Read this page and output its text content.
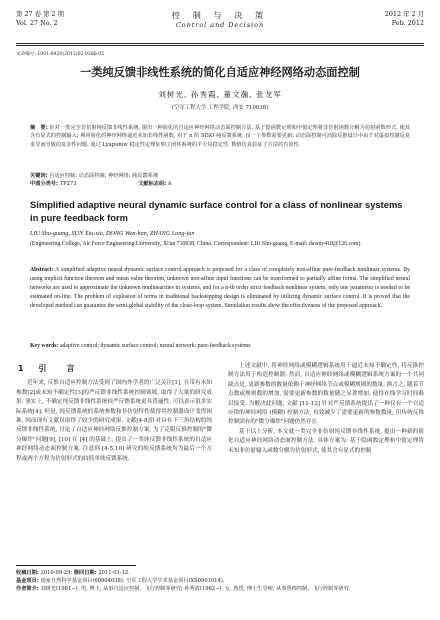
第 27 卷 第 2 期
Vol. 27 No. 2
控 制 与 决 策
Control and Decision
2012 年 2 月
Feb. 2012
文章编号: 1001-0920(2012)02-0266-05
一类纯反馈非线性系统的简化自适应神经网络动态面控制
刘树光, 孙秀霞, 董文瀚, 张龙军
(空军工程大学 工程学院, 西安 710038)
摘　要: 针对一类完全非仿射纯反馈非线性系统, 提出一种简化的自适应神经网络动态面控制方法. 基于隐函数定理和中值定理将非仿射函数分解为仿射函数形式, 使其含有显式的控制输入; 利用简化的神经网络逼近未知非线性函数, 对于 n 阶 SISO 纯反馈系统, 仅一个参数需要更新; 动态面控制可消除反推设计中由于对虚拟控制反复求导而导致的复杂性问题. 通过 Lyapunov 稳定性定理证明了闭环系统的半全局稳定性. 数值仿真验证了方法的有效性.
关键词: 自适应控制; 动态面控制; 神经网络; 纯反馈系统
中图分类号: TP273	文献标志码: A
Simplified adaptive neural dynamic surface control for a class of nonlinear systems in pure feedback form
LIU Shu-guang, SUN Xiu-xia, DONG Wen-han, ZHANG Long-jun
(Engineering College, Air Force Engineering University, Xi'an 710038, China. Correspondent: LIU Shu-guang, E-mail: dawny418@126.com)
Abstract: A simplified adaptive neural dynamic surface control approach is proposed for a class of completely non-affine pure-feedback nonlinear systems. By using implicit function theorem and mean value theorem, unknown non-affine input functions can be transformed to partially affine forms. The simplified neural networks are used to approximate the unknown nonlinearities in systems, and for a n-th order strict feedback nonlinear system, only one parameter is needed to be estimated on-line. The problem of explosion of terms in traditional backstepping design is eliminated by utilizing dynamic surface control. It is proved that the developed method can guarantee the semi-global stability of the close-loop system. Simulation results show the effectiveness of the proposed approach.
Key words: adaptive control; dynamic surface control; neural network; pure-feedback systems
1 引　言

近年来, 反推自适应控制方法受到了国内外学者的广泛关注[1], 在带有未知参数[2]或未知不确定性[3]的严反馈非线性系统控制领域, 取得了大量的研究成果. 事实上, 不确定纯反馈非线性系统较严反馈系统更具普遍性, 可以表示很多实际系统[4]. 但是, 纯反馈系统的系统参数和非仿射特性使得其控制器设计变得困难, 因而现有文献仅取得了较少的研究成果. 文献[4-8]针对具有下三角结构的纯反馈非线性系统, 讨论了自适应神经网络反推控制方案, 为了克服反推控制的"微分爆炸"问题[9], [10] 在 [4] 的基础上, 提出了一类纯反馈非线性系统的自适应神经网络动态面控制方案. 注意到 [4-5,10] 研究的纯反馈系统均为最后一个方程或两个方程为仿射形式的较简单纯反馈系统.

上述文献中, 将神经网络或模糊逻辑系统用于逼近未知不确定性, 将反推控制方法用于构造控制器. 然而, 自适应神经网络或模糊逻辑系统方案的一个共同缺点是, 更新参数的数量依赖于神经网络节点或模糊规则的数量. 换言之, 随着节点数或规则数的增加, 需要更新参数的数量随之显著增加, 使得在线学习时间难以接受. 为解决此问题, 文献 [11-12] 针对严反馈系统提出了一种仅有一个自适应律的神经网络 (模糊) 控制方法, 有效减少了需要更新的参数数量, 但传统反推控制固有的"微分爆炸"问题仍然存在.

基于以上分析, 本文就一类完全非仿射纯反馈非线性系统, 提出一种新的简化自适应神经网络动态面控制方法. 具体方案为: 基于隐函数定理和中值定理将未知非仿射输入函数分解为仿射形式, 使其含有显式的控制

收稿日期: 2010-09-29; 修回日期: 2011-01-12.
基金项目: 国家自然科学基金项目(60904038); 空军工程大学学术基金项目(XS0901014).
作者简介: 刘树光(1981−), 男, 博士, 从事自适应控制、飞行控制等研究; 孙秀霞(1962−), 女, 教授, 博士生导师, 从事鲁棒控制、飞行控制等研究.
